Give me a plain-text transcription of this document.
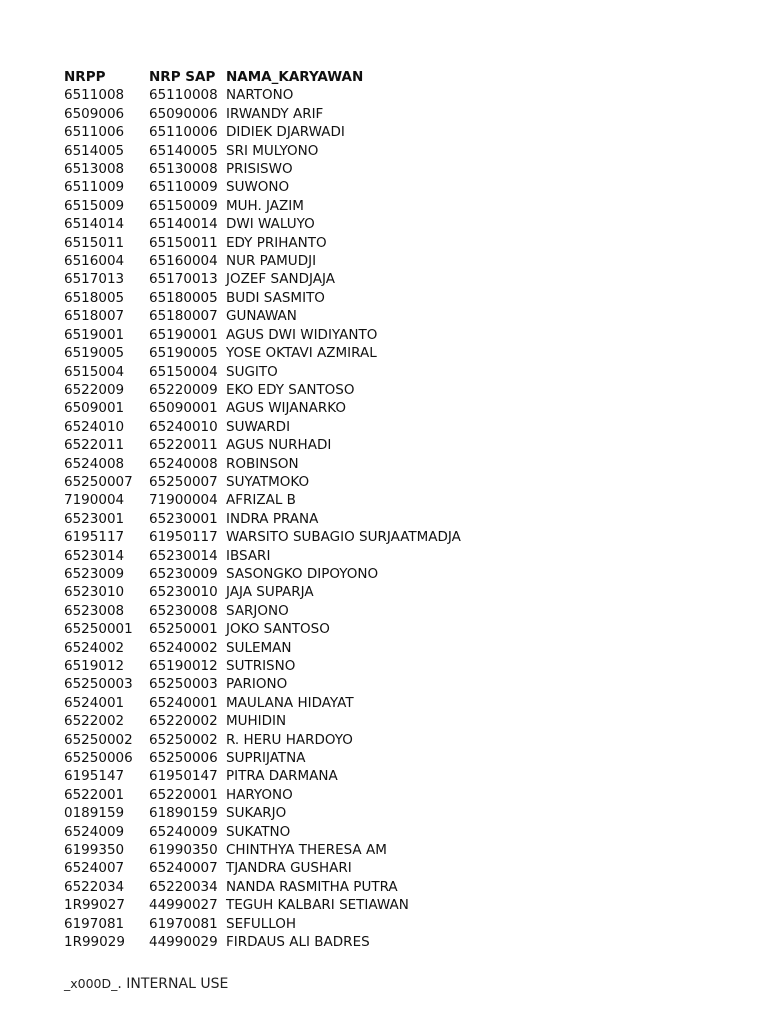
NRPP	NRP SAP	NAMA_KARYAWAN
6511008	65110008	NARTONO
6509006	65090006	IRWANDY ARIF
6511006	65110006	DIDIEK DJARWADI
6514005	65140005	SRI MULYONO
6513008	65130008	PRISISWO
6511009	65110009	SUWONO
6515009	65150009	MUH. JAZIM
6514014	65140014	DWI WALUYO
6515011	65150011	EDY PRIHANTO
6516004	65160004	NUR PAMUDJI
6517013	65170013	JOZEF SANDJAJA
6518005	65180005	BUDI SASMITO
6518007	65180007	GUNAWAN
6519001	65190001	AGUS DWI WIDIYANTO
6519005	65190005	YOSE OKTAVI AZMIRAL
6515004	65150004	SUGITO
6522009	65220009	EKO EDY SANTOSO
6509001	65090001	AGUS WIJANARKO
6524010	65240010	SUWARDI
6522011	65220011	AGUS NURHADI
6524008	65240008	ROBINSON
65250007	65250007	SUYATMOKO
7190004	71900004	AFRIZAL B
6523001	65230001	INDRA PRANA
6195117	61950117	WARSITO SUBAGIO SURJAATMADJA
6523014	65230014	IBSARI
6523009	65230009	SASONGKO DIPOYONO
6523010	65230010	JAJA SUPARJA
6523008	65230008	SARJONO
65250001	65250001	JOKO SANTOSO
6524002	65240002	SULEMAN
6519012	65190012	SUTRISNO
65250003	65250003	PARIONO
6524001	65240001	MAULANA HIDAYAT
6522002	65220002	MUHIDIN
65250002	65250002	R. HERU HARDOYO
65250006	65250006	SUPRIJATNA
6195147	61950147	PITRA DARMANA
6522001	65220001	HARYONO
0189159	61890159	SUKARJO
6524009	65240009	SUKATNO
6199350	61990350	CHINTHYA THERESA AM
6524007	65240007	TJANDRA GUSHARI
6522034	65220034	NANDA RASMITHA PUTRA
1R99027	44990027	TEGUH KALBARI SETIAWAN
6197081	61970081	SEFULLOH
1R99029	44990029	FIRDAUS ALI BADRES
_x000D_. INTERNAL USE
